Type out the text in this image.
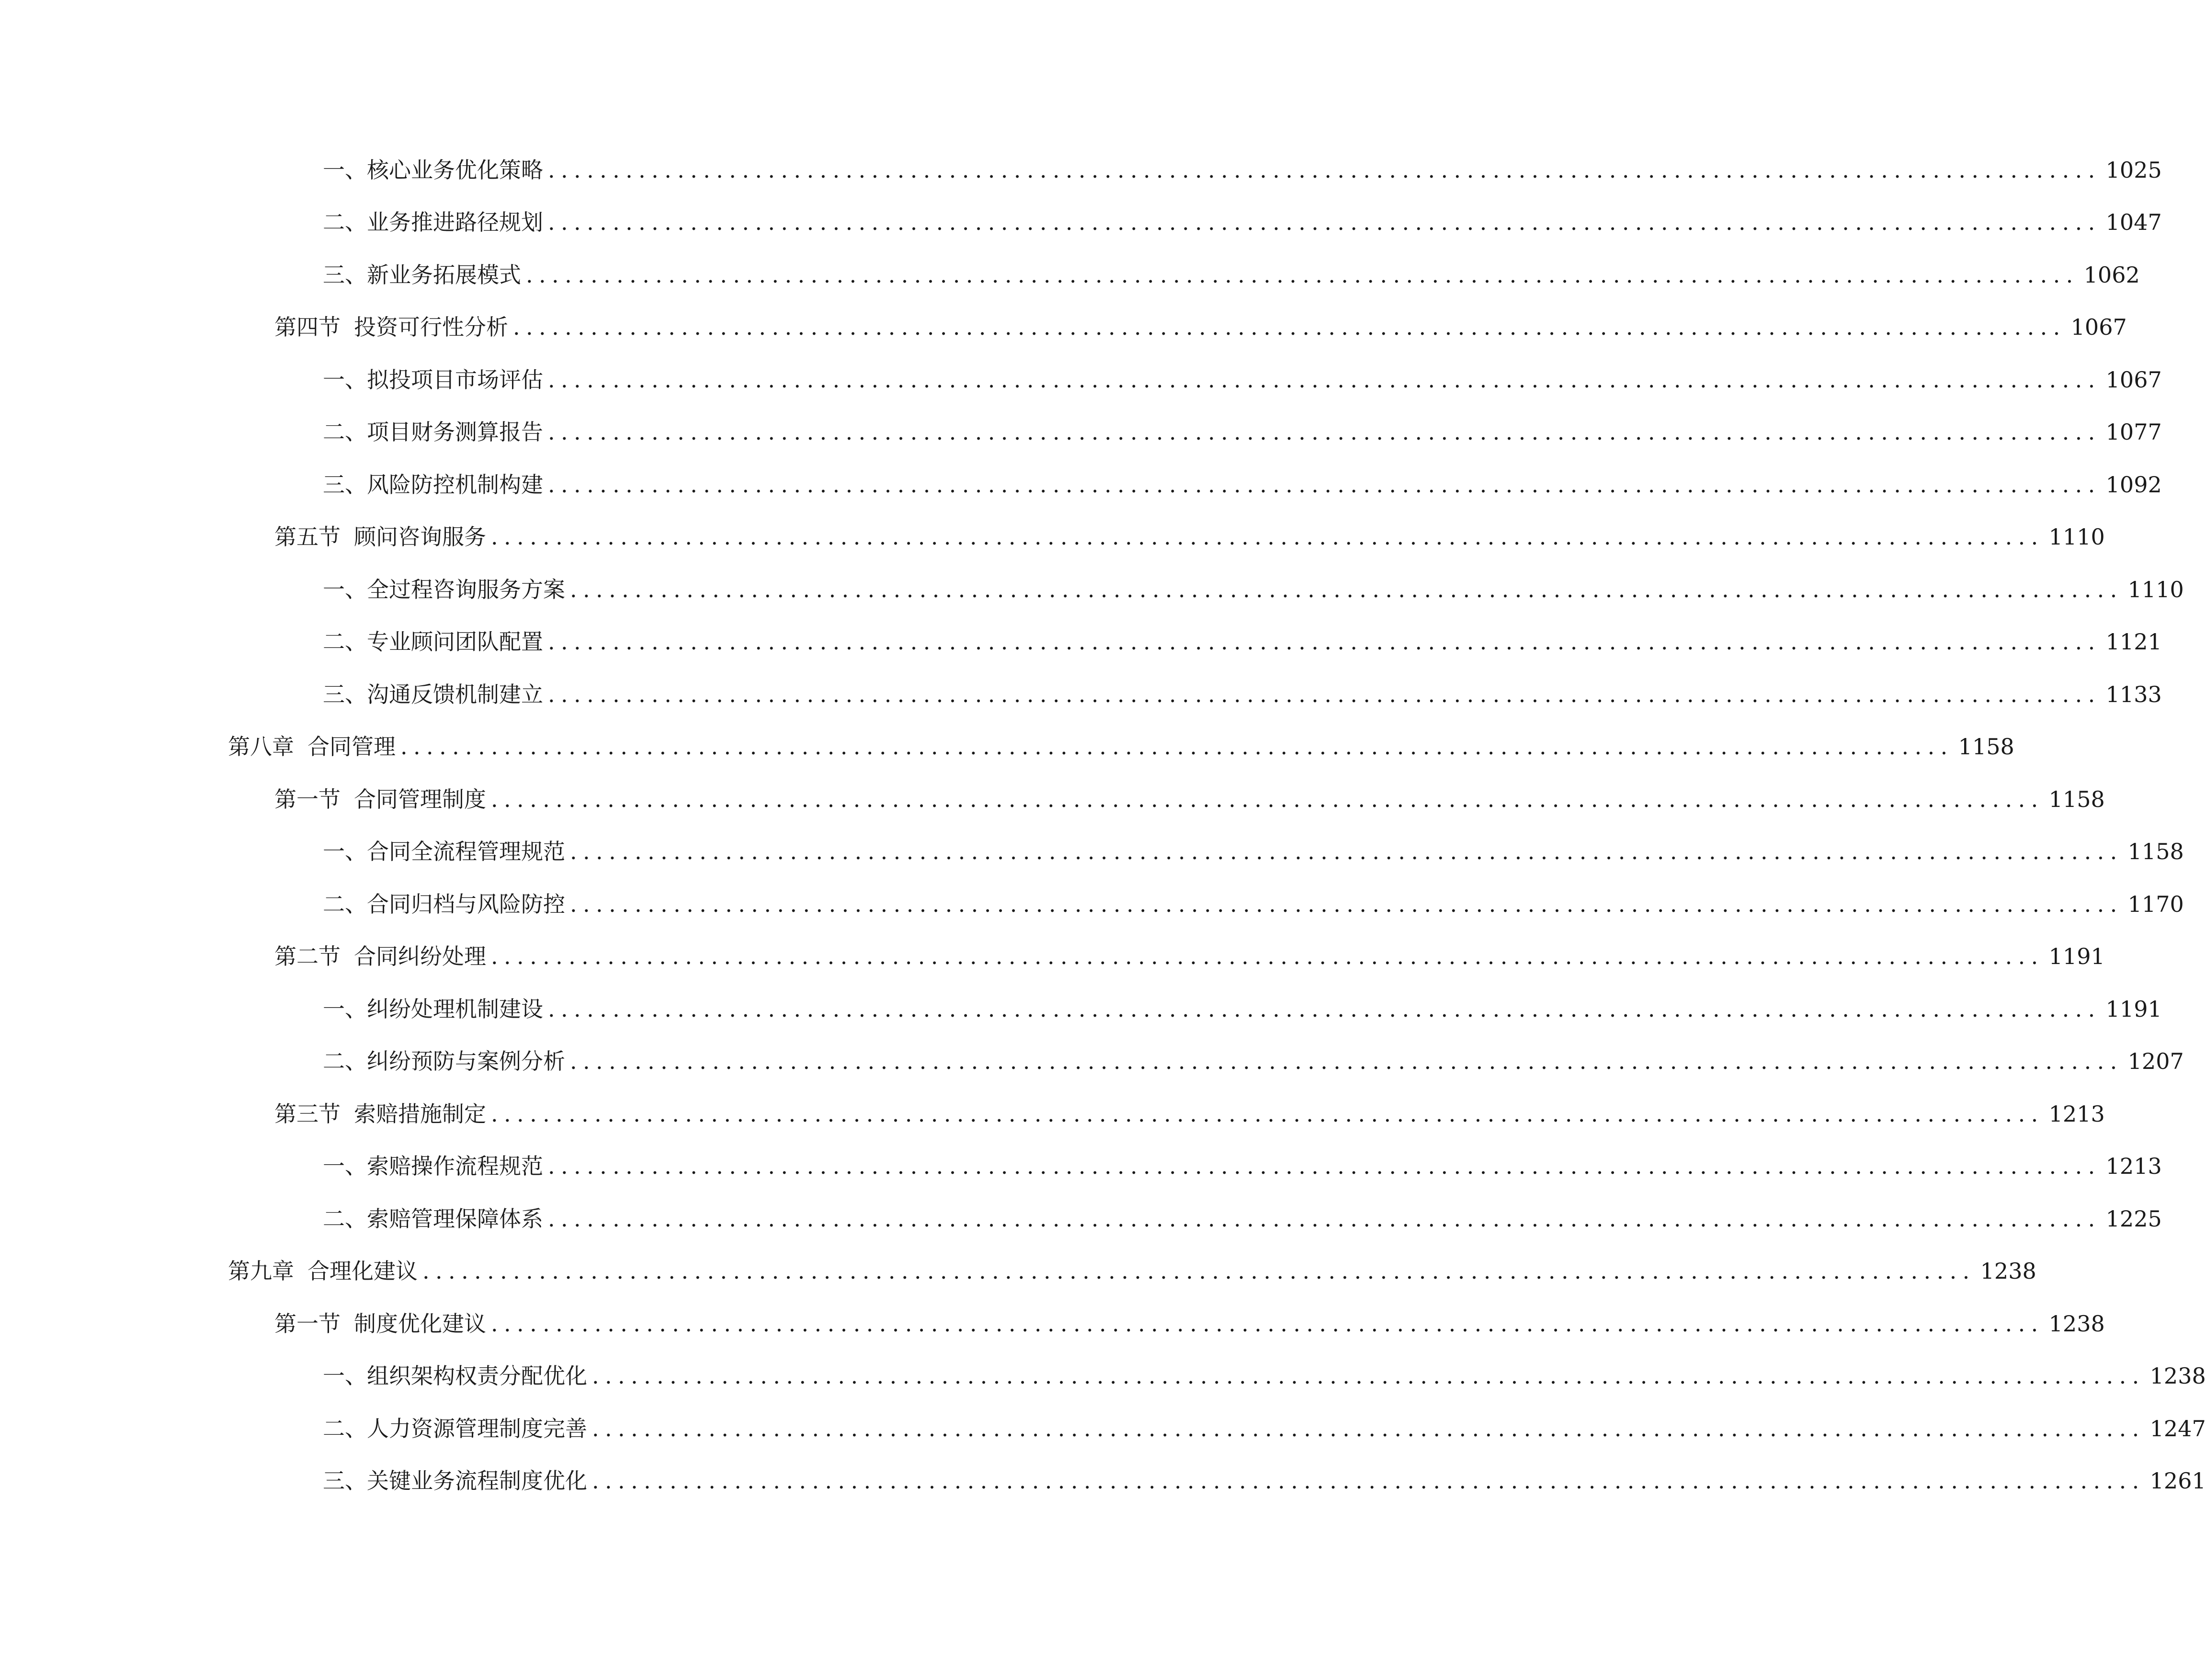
一、 核心业务优化策略 ........................................................................................................................ 1025
二、 业务推进路径规划 ........................................................................................................................ 1047
三、 新业务拓展模式 ........................................................................................................................ 1062
第四节 投资可行性分析 ........................................................................................................................ 1067
一、 拟投项目市场评估 ........................................................................................................................ 1067
二、 项目财务测算报告 ........................................................................................................................ 1077
三、 风险防控机制构建 ........................................................................................................................ 1092
第五节 顾问咨询服务 ........................................................................................................................ 1110
一、 全过程咨询服务方案 ........................................................................................................................ 1110
二、 专业顾问团队配置 ........................................................................................................................ 1121
三、 沟通反馈机制建立 ........................................................................................................................ 1133
第八章 合同管理 ........................................................................................................................ 1158
第一节 合同管理制度 ........................................................................................................................ 1158
一、 合同全流程管理规范 ........................................................................................................................ 1158
二、 合同归档与风险防控 ........................................................................................................................ 1170
第二节 合同纠纷处理 ........................................................................................................................ 1191
一、 纠纷处理机制建设 ........................................................................................................................ 1191
二、 纠纷预防与案例分析 ........................................................................................................................ 1207
第三节 索赔措施制定 ........................................................................................................................ 1213
一、 索赔操作流程规范 ........................................................................................................................ 1213
二、 索赔管理保障体系 ........................................................................................................................ 1225
第九章 合理化建议 ........................................................................................................................ 1238
第一节 制度优化建议 ........................................................................................................................ 1238
一、 组织架构权责分配优化 ........................................................................................................................ 1238
二、 人力资源管理制度完善 ........................................................................................................................ 1247
三、 关键业务流程制度优化 ........................................................................................................................ 1261
